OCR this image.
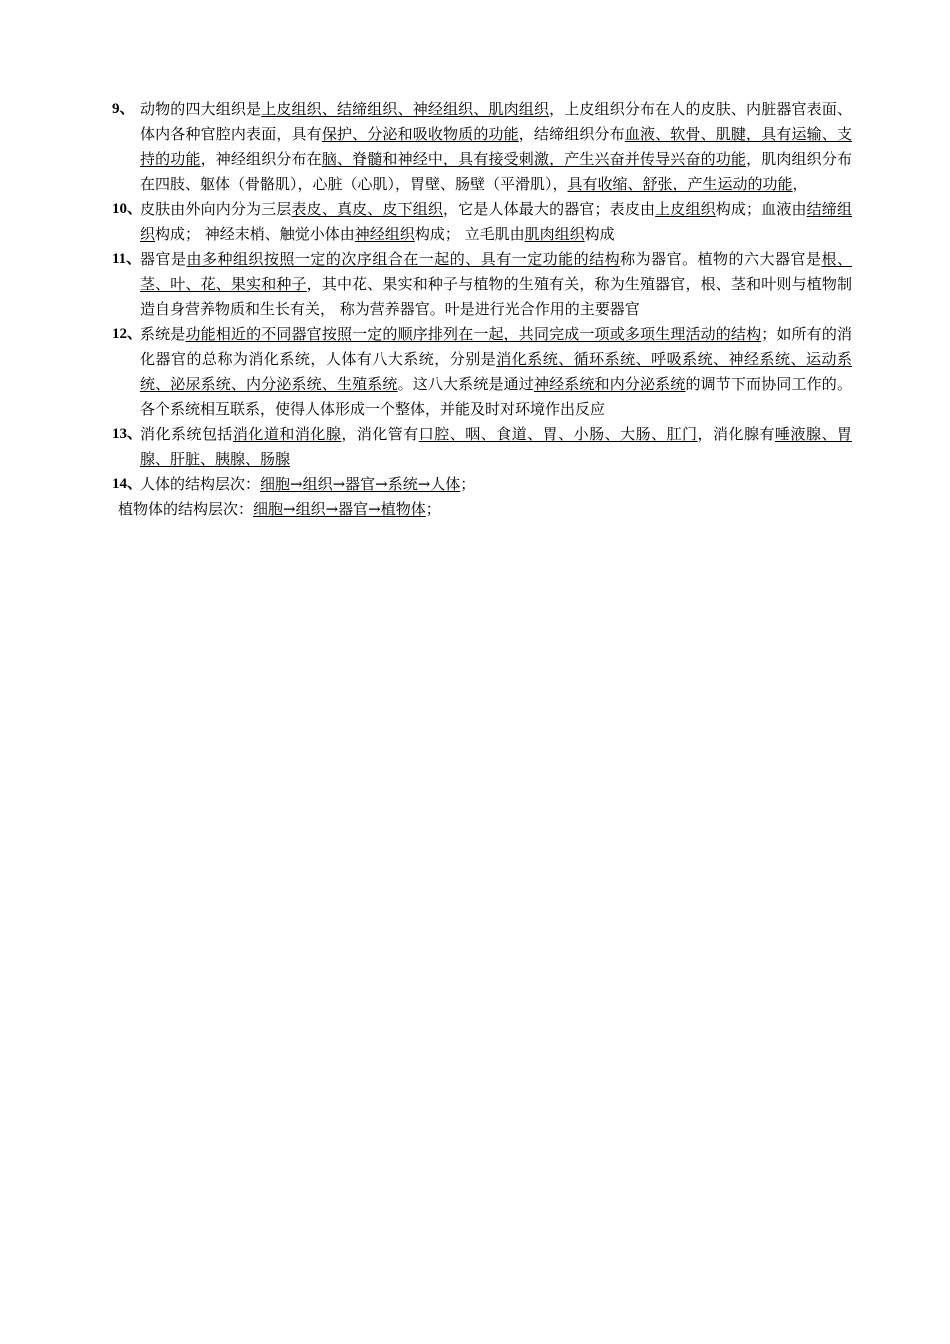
9、 动物的四大组织是上皮组织、结缔组织、神经组织、肌肉组织，上皮组织分布在人的皮肤、内脏器官表面、体内各种官腔内表面，具有保护、分泌和吸收物质的功能，结缔组织分布血液、软骨、肌腱，具有运输、支持的功能，神经组织分布在脑、脊髓和神经中，具有接受刺激，产生兴奋并传导兴奋的功能，肌肉组织分布在四肢、躯体（骨骼肌），心脏（心肌），胃壁、肠壁（平滑肌），具有收缩、舒张，产生运动的功能，
10、
皮肤由外向内分为三层表皮、真皮、皮下组织，它是人体最大的器官；表皮由上皮组织构成；血液由结缔组织构成； 神经末梢、触觉小体由神经组织构成； 立毛肌由肌肉组织构成
11、
器官是由多种组织按照一定的次序组合在一起的、具有一定功能的结构称为器官。植物的六大器官是根、茎、叶、花、果实和种子，其中花、果实和种子与植物的生殖有关，称为生殖器官，根、茎和叶则与植物制造自身营养物质和生长有关， 称为营养器官。叶是进行光合作用的主要器官
12、
系统是功能相近的不同器官按照一定的顺序排列在一起，共同完成一项或多项生理活动的结构；如所有的消化器官的总称为消化系统，人体有八大系统，分别是消化系统、循环系统、呼吸系统、神经系统、运动系统、泌尿系统、内分泌系统、生殖系统。这八大系统是通过神经系统和内分泌系统的调节下而协同工作的。各个系统相互联系，使得人体形成一个整体，并能及时对环境作出反应
13、
消化系统包括消化道和消化腺，消化管有口腔、咽、食道、胃、小肠、大肠、肛门，消化腺有唾液腺、胃腺、肝脏、胰腺、肠腺
14、
人体的结构层次：细胞→组织→器官→系统→人体；
植物体的结构层次：细胞→组织→器官→植物体；
